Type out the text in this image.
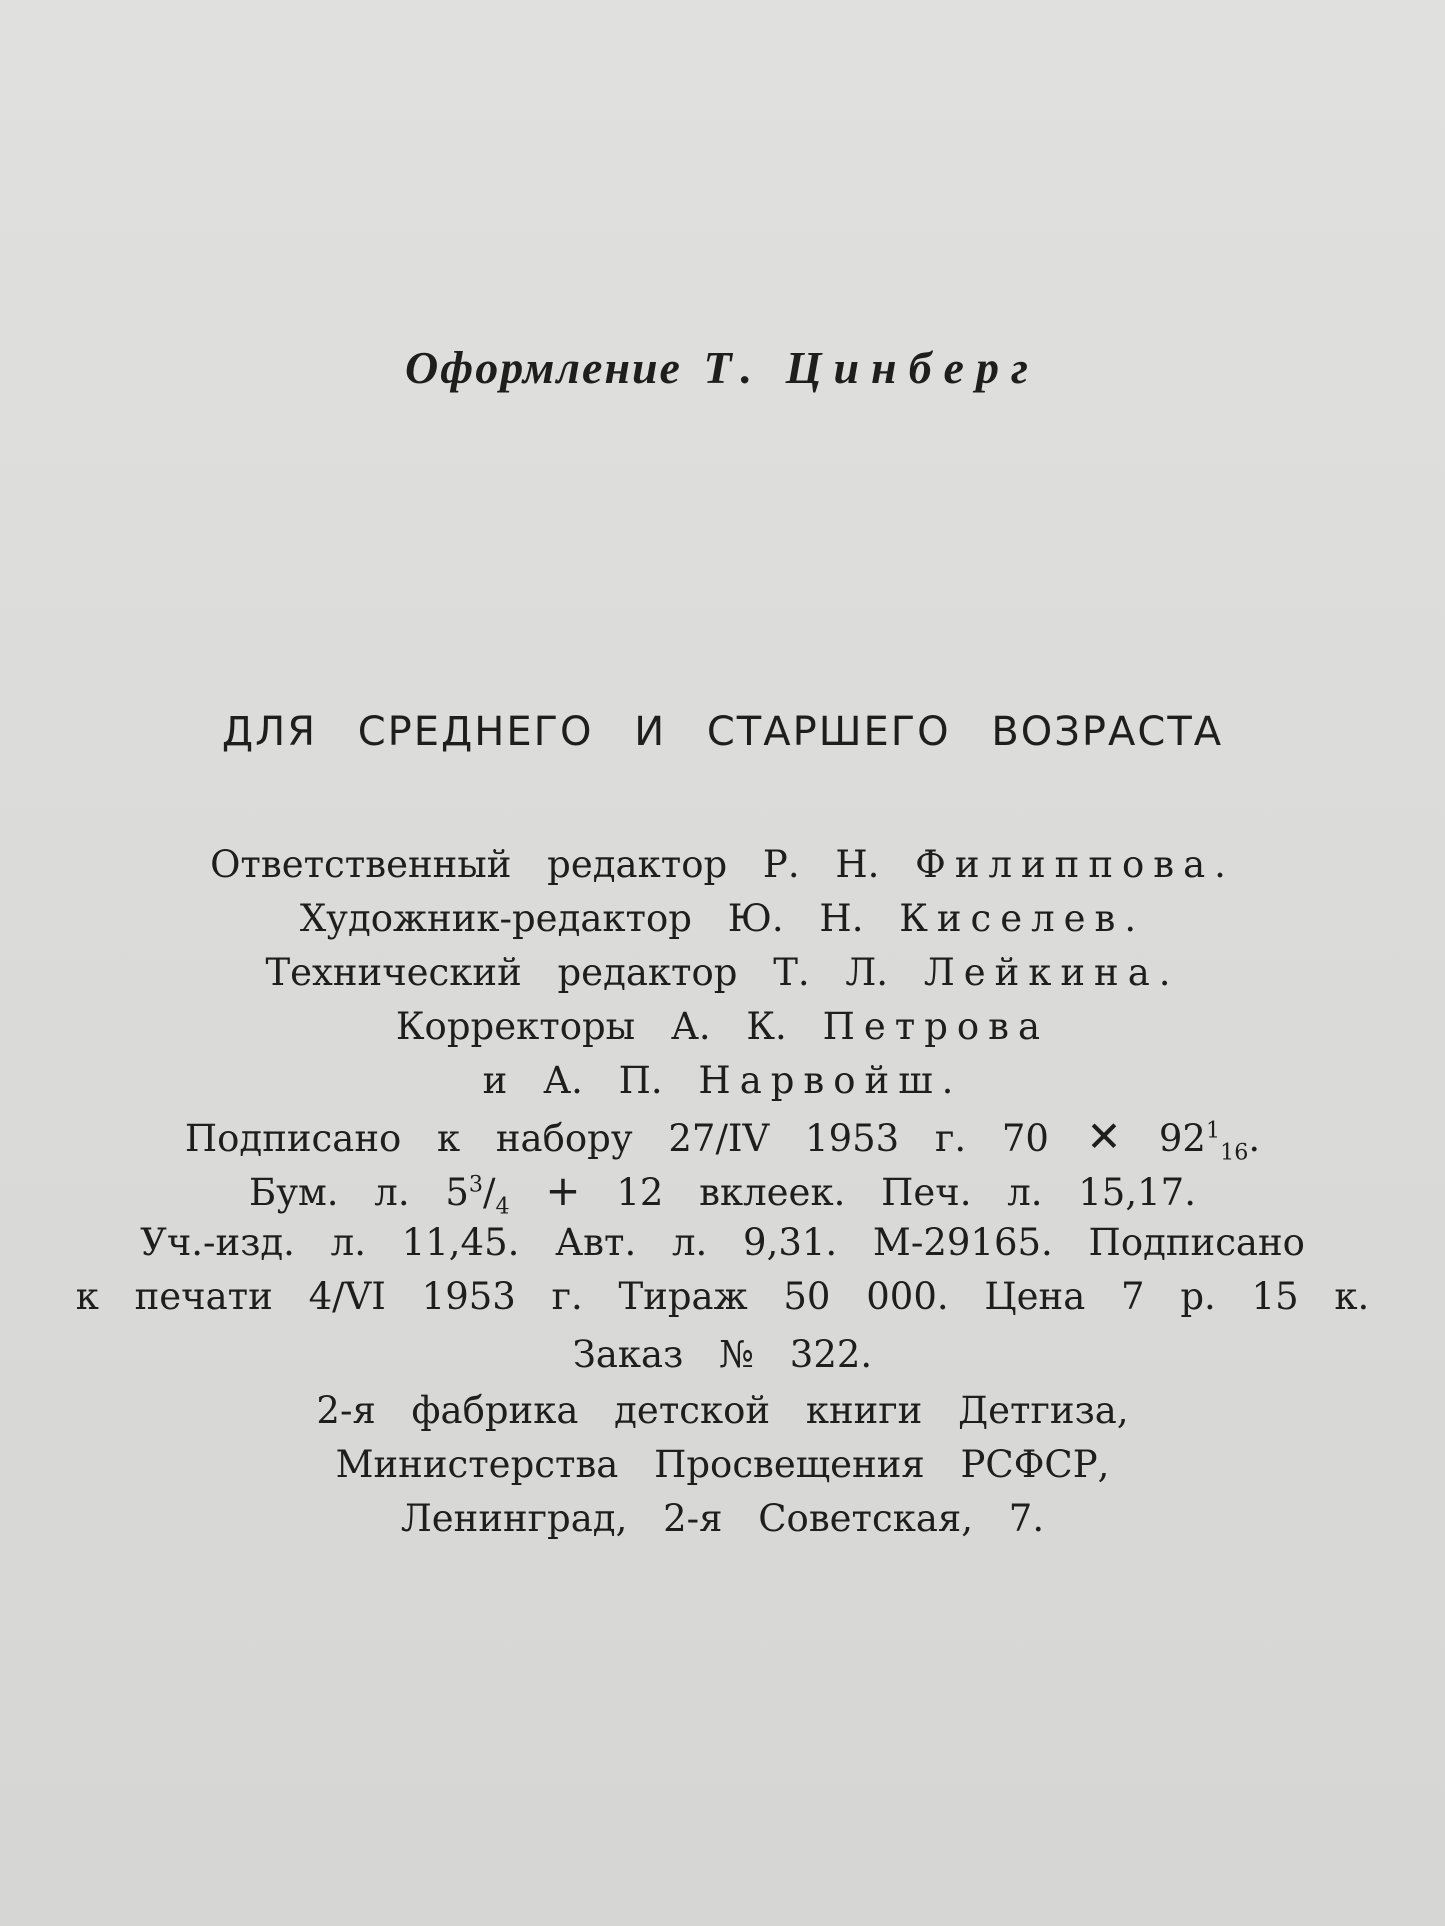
Оформление Т. Цинберг
ДЛЯ СРЕДНЕГО И СТАРШЕГО ВОЗРАСТА
Ответственный редактор Р. Н. Филиппова.
Художник-редактор Ю. Н. Киселев.
Технический редактор Т. Л. Лейкина.
Корректоры А. К. Петрова
и А. П. Нарвойш.
Подписано к набору 27/IV 1953 г. 70 ✕ $92^1_{16}$.
Бум. л. $5^3/_4 + 12$ вклеек. Печ. л. 15,17.
Уч.-изд. л. 11,45. Авт. л. 9,31. М-29165. Подписано
к печати 4/VI 1953 г. Тираж 50 000. Цена 7 р. 15 к.
Заказ № 322.
2-я фабрика детской книги Детгиза,
Министерства Просвещения РСФСР,
Ленинград, 2-я Советская, 7.
